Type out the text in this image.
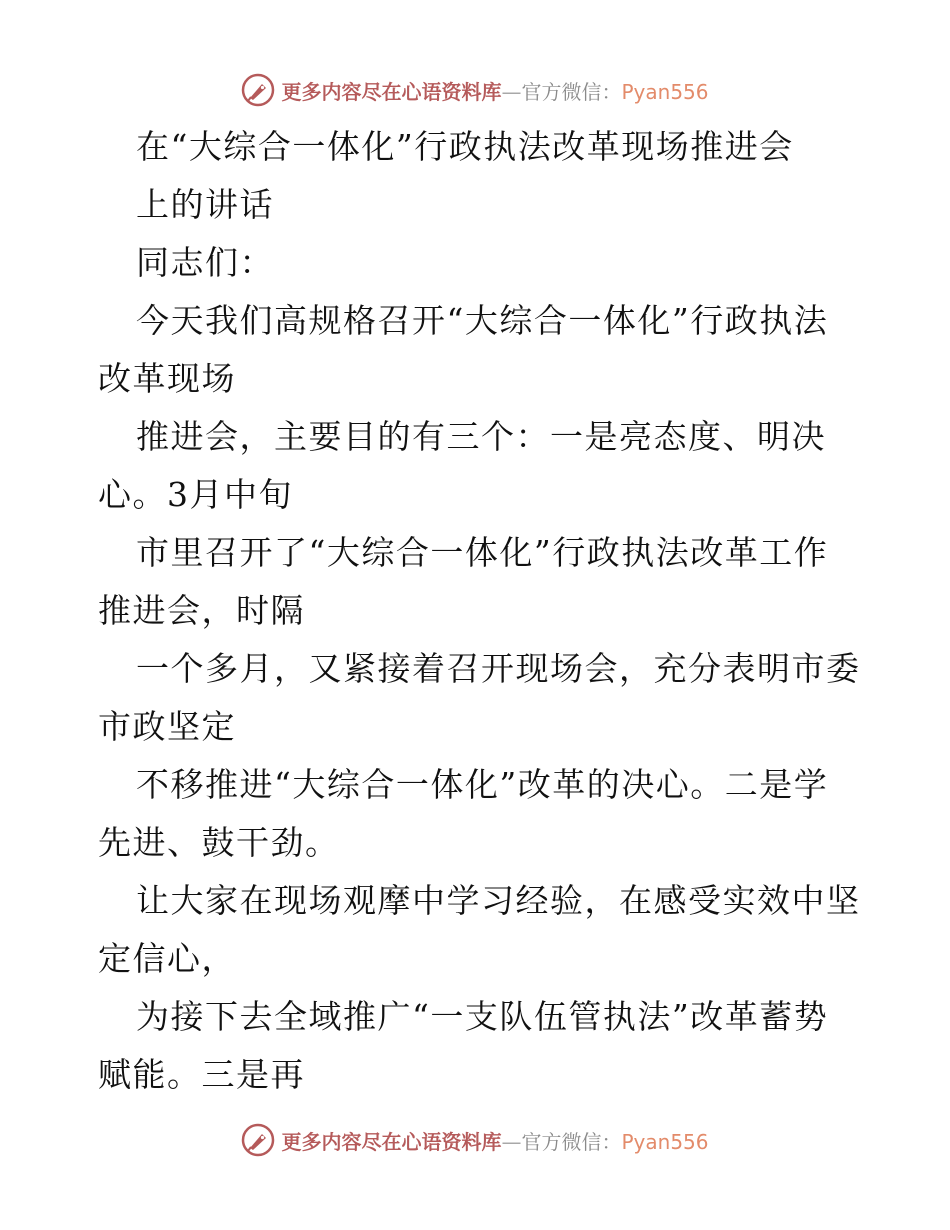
更多内容尽在心语资料库—官方微信：Pyan556
在“大综合一体化”行政执法改革现场推进会
上的讲话
同志们：
今天我们高规格召开“大综合一体化”行政执法
改革现场
推进会，主要目的有三个：一是亮态度、明决
心。3月中旬
市里召开了“大综合一体化”行政执法改革工作
推进会，时隔
一个多月，又紧接着召开现场会，充分表明市委
市政坚定
不移推进“大综合一体化”改革的决心。二是学
先进、鼓干劲。
让大家在现场观摩中学习经验，在感受实效中坚
定信心，
为接下去全域推广“一支队伍管执法”改革蓄势
赋能。三是再
更多内容尽在心语资料库—官方微信：Pyan556
